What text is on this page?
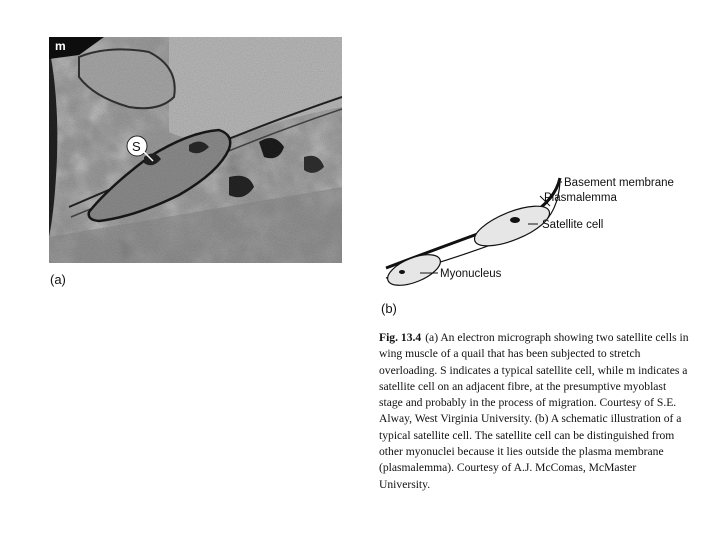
m
S
(a)
Basement membrane
Plasmalemma
Satellite cell
Myonucleus
(b)
Fig. 13.4 (a) An electron micrograph showing two satellite cells in wing muscle of a quail that has been subjected to stretch overloading. S indicates a typical satellite cell, while m indicates a satellite cell on an adjacent fibre, at the presumptive myoblast stage and probably in the process of migration. Courtesy of S.E. Alway, West Virginia University. (b) A schematic illustration of a typical satellite cell. The satellite cell can be distinguished from other myonuclei because it lies outside the plasma membrane (plasmalemma). Courtesy of A.J. McComas, McMaster University.
